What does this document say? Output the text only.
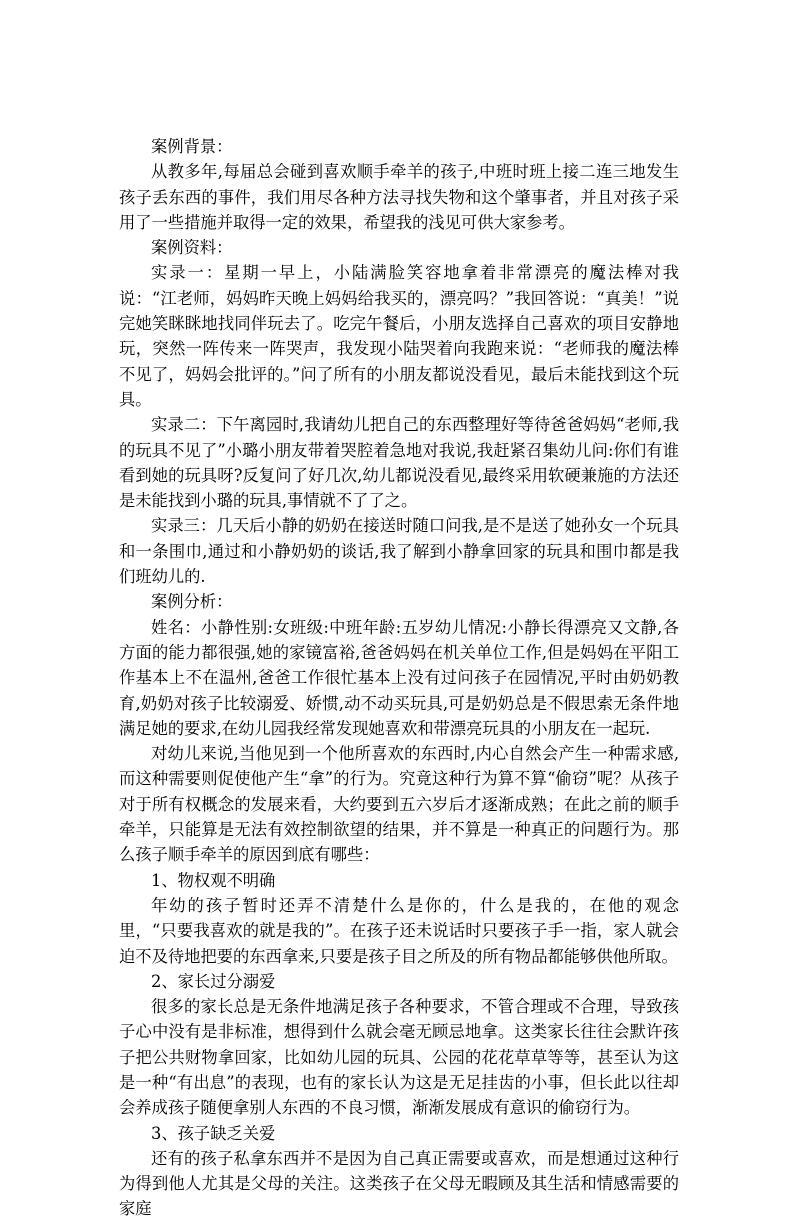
案例背景：

从教多年,每届总会碰到喜欢顺手牵羊的孩子,中班时班上接二连三地发生孩子丢东西的事件，我们用尽各种方法寻找失物和这个肇事者，并且对孩子采用了一些措施并取得一定的效果，希望我的浅见可供大家参考。

案例资料：

实录一：星期一早上，小陆满脸笑容地拿着非常漂亮的魔法棒对我说：“江老师，妈妈昨天晚上妈妈给我买的，漂亮吗？”我回答说：“真美！”说完她笑眯眯地找同伴玩去了。吃完午餐后，小朋友选择自己喜欢的项目安静地玩，突然一阵传来一阵哭声，我发现小陆哭着向我跑来说：“老师我的魔法棒不见了，妈妈会批评的。”问了所有的小朋友都说没看见，最后未能找到这个玩具。

实录二：下午离园时,我请幼儿把自己的东西整理好等待爸爸妈妈“老师,我的玩具不见了”小璐小朋友带着哭腔着急地对我说,我赶紧召集幼儿问:你们有谁看到她的玩具呀?反复问了好几次,幼儿都说没看见,最终采用软硬兼施的方法还是未能找到小璐的玩具,事情就不了了之。

实录三：几天后小静的奶奶在接送时随口问我,是不是送了她孙女一个玩具和一条围巾,通过和小静奶奶的谈话,我了解到小静拿回家的玩具和围巾都是我们班幼儿的.

案例分析：

姓名：小静性别:女班级:中班年龄:五岁幼儿情况:小静长得漂亮又文静,各方面的能力都很强,她的家镜富裕,爸爸妈妈在机关单位工作,但是妈妈在平阳工作基本上不在温州,爸爸工作很忙基本上没有过问孩子在园情况,平时由奶奶教育,奶奶对孩子比较溺爱、娇惯,动不动买玩具,可是奶奶总是不假思索无条件地满足她的要求,在幼儿园我经常发现她喜欢和带漂亮玩具的小朋友在一起玩.

对幼儿来说,当他见到一个他所喜欢的东西时,内心自然会产生一种需求感,而这种需要则促使他产生“拿”的行为。究竟这种行为算不算“偷窃”呢？从孩子对于所有权概念的发展来看，大约要到五六岁后才逐渐成熟；在此之前的顺手牵羊，只能算是无法有效控制欲望的结果，并不算是一种真正的问题行为。那么孩子顺手牵羊的原因到底有哪些：

1、物权观不明确

年幼的孩子暂时还弄不清楚什么是你的，什么是我的，在他的观念里，“只要我喜欢的就是我的”。在孩子还未说话时只要孩子手一指，家人就会迫不及待地把要的东西拿来,只要是孩子目之所及的所有物品都能够供他所取。

2、家长过分溺爱

很多的家长总是无条件地满足孩子各种要求，不管合理或不合理，导致孩子心中没有是非标准，想得到什么就会毫无顾忌地拿。这类家长往往会默许孩子把公共财物拿回家，比如幼儿园的玩具、公园的花花草草等等，甚至认为这是一种“有出息”的表现，也有的家长认为这是无足挂齿的小事，但长此以往却会养成孩子随便拿别人东西的不良习惯，渐渐发展成有意识的偷窃行为。

3、孩子缺乏关爱

还有的孩子私拿东西并不是因为自己真正需要或喜欢，而是想通过这种行为得到他人尤其是父母的关注。这类孩子在父母无暇顾及其生活和情感需要的家庭
